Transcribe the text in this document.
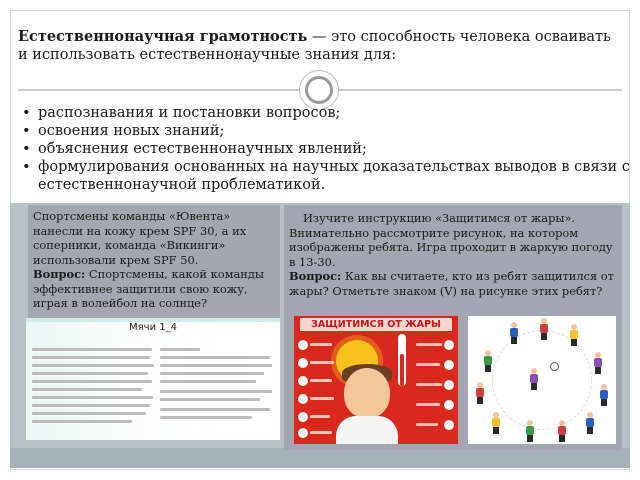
Естественнонаучная грамотность — это способность человека осваивать и использовать естественнонаучные знания для:
• распознавания и постановки вопросов;
• освоения новых знаний;
• объяснения естественнонаучных явлений;
• формулирования основанных на научных доказательствах выводов в связи с естественнонаучной проблематикой.
Спортсмены команды «Ювента» нанесли на кожу крем SPF 30, а их соперники, команда «Викинги» использовали крем SPF 50.
Вопрос: Спортсмены, какой команды эффективнее защитили свою кожу, играя в волейбол на солнце?
Изучите инструкцию «Защитимся от жары». Внимательно рассмотрите рисунок, на котором изображены ребята. Игра проходит в жаркую погоду в 13-30.
Вопрос: Как вы считаете, кто из ребят защитился от жары? Отметьте знаком (V) на рисунке этих ребят?
Мячи 1_4	ЗАЩИТИМСЯ ОТ ЖАРЫ
